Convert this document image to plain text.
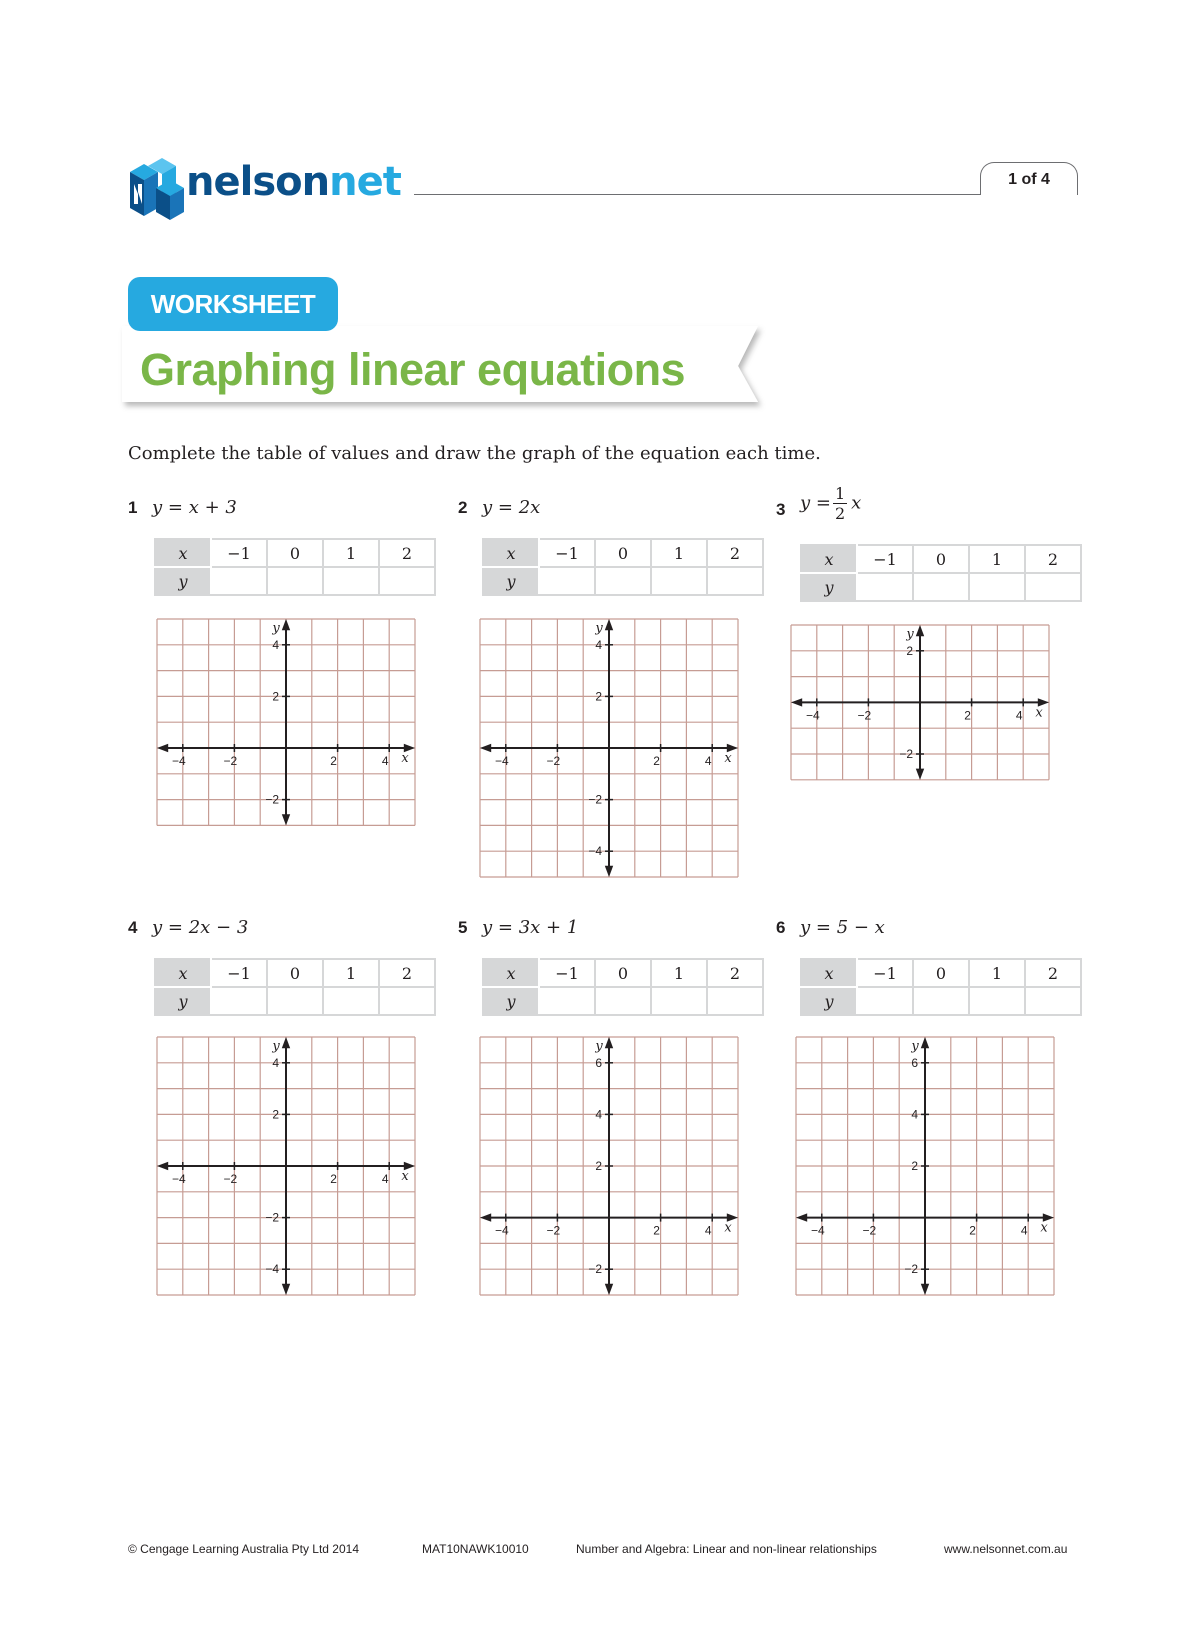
nelsonnet	1 of 4
WORKSHEET
Graphing linear equations
Complete the table of values and draw the graph of the equation each time.
1 y = x + 3	2 y = 2x	3 $y = \frac{1}{2}$ x
4 y = 2x − 3	5 y = 3x + 1	6 y = 5 − x
x	−1	0	1	2
y				
x	−1	0	1	2
y				
x	−1	0	1	2
y				
x	−1	0	1	2
y				
x	−1	0	1	2
y				
x	−1	0	1	2
y				
−4	−2	2	4
4
2
−2
x
y
−4	−2	2	4
4
2
−2
−4
x
y
−4	−2	2	4
2
−2
x
y
−4	−2	2	4
4
2
−2
−4
x
y
−4	−2	2	4
6
4
2
−2
x
y
−4	−2	2	4
6
4
2
−2
x
y
© Cengage Learning Australia Pty Ltd 2014	MAT10NAWK10010	Number and Algebra: Linear and non-linear relationships	www.nelsonnet.com.au
